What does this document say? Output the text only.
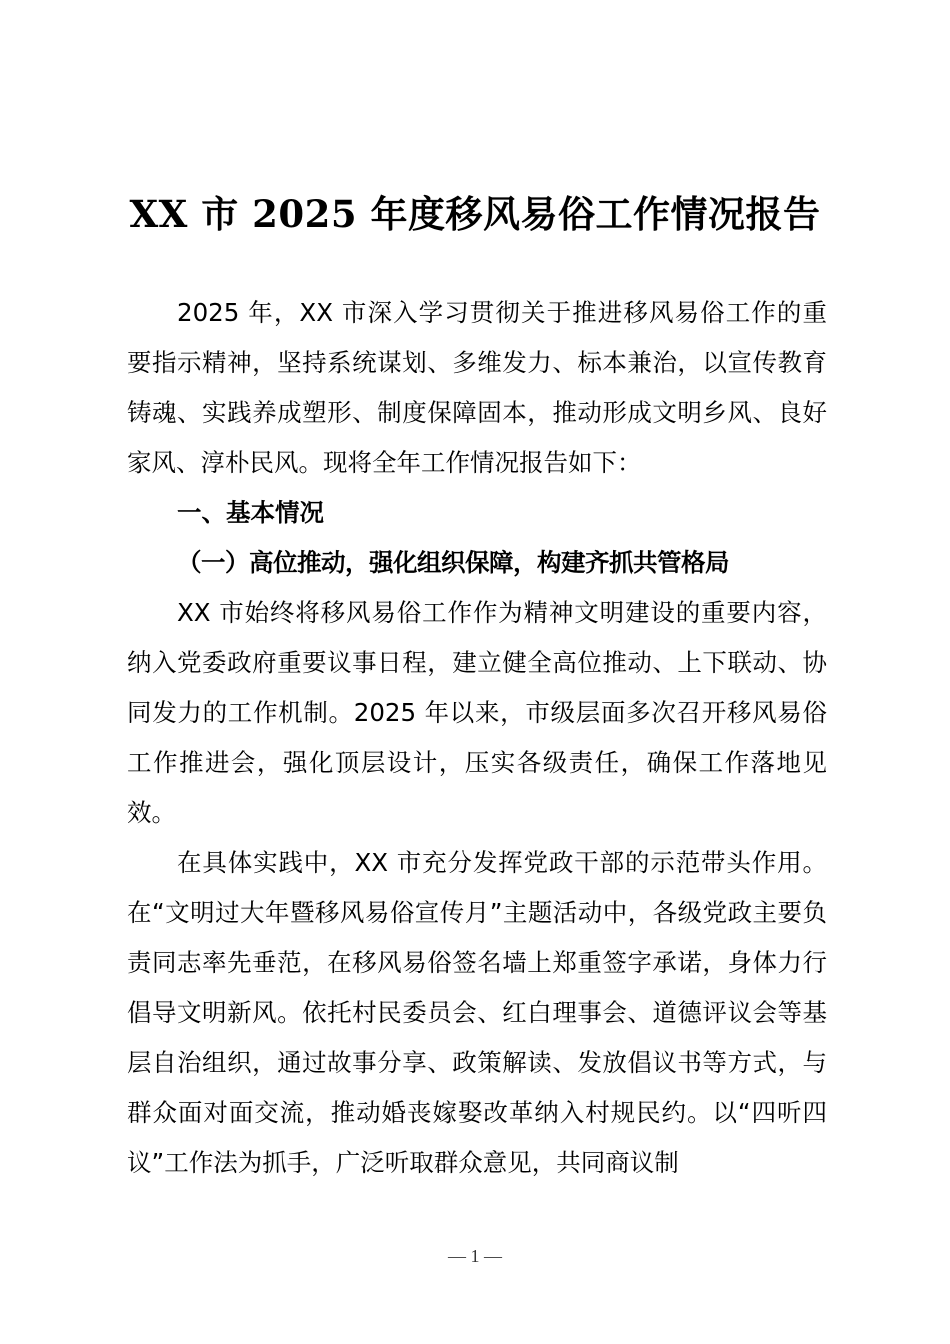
XX 市 2025 年度移风易俗工作情况报告

2025 年，XX 市深入学习贯彻关于推进移风易俗工作的重要指示精神，坚持系统谋划、多维发力、标本兼治，以宣传教育铸魂、实践养成塑形、制度保障固本，推动形成文明乡风、良好家风、淳朴民风。现将全年工作情况报告如下：

一、基本情况

（一）高位推动，强化组织保障，构建齐抓共管格局

XX 市始终将移风易俗工作作为精神文明建设的重要内容，纳入党委政府重要议事日程，建立健全高位推动、上下联动、协同发力的工作机制。2025 年以来，市级层面多次召开移风易俗工作推进会，强化顶层设计，压实各级责任，确保工作落地见效。

在具体实践中，XX 市充分发挥党政干部的示范带头作用。在“文明过大年暨移风易俗宣传月”主题活动中，各级党政主要负责同志率先垂范，在移风易俗签名墙上郑重签字承诺，身体力行倡导文明新风。依托村民委员会、红白理事会、道德评议会等基层自治组织，通过故事分享、政策解读、发放倡议书等方式，与群众面对面交流，推动婚丧嫁娶改革纳入村规民约。以“四听四议”工作法为抓手，广泛听取群众意见，共同商议制

— 1 —
